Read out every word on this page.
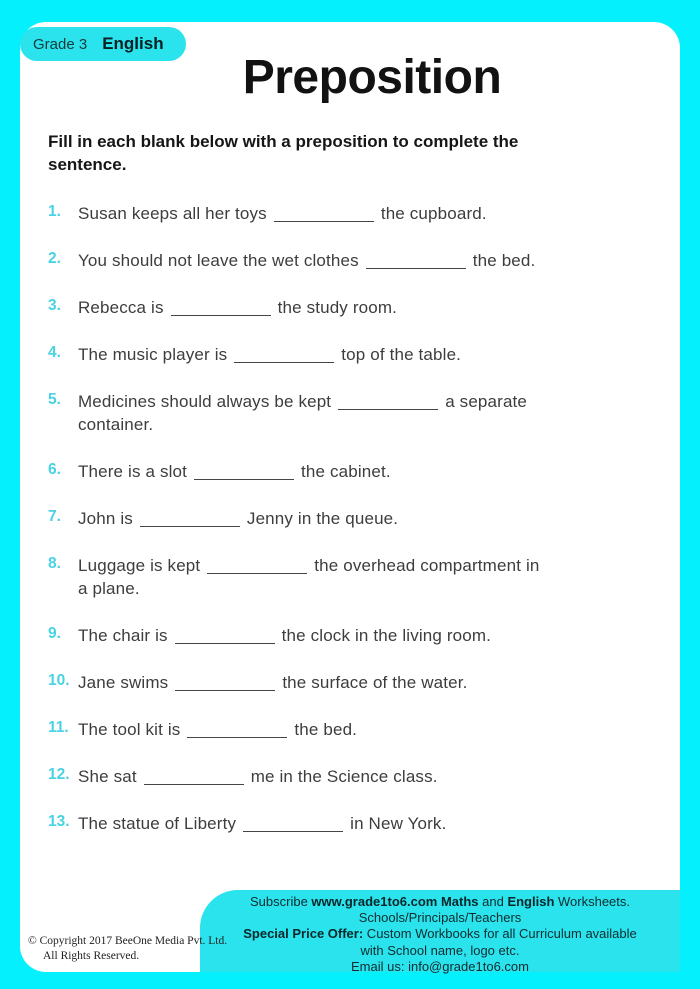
Grade 3 English
Preposition

Fill in each blank below with a preposition to complete the sentence.

1.	Susan keeps all her toys	the cupboard.

2.	You should not leave the wet clothes	the bed.

3.	Rebecca is	the study room.

4.	The music player is	top of the table.

5.	Medicines should always be kept	a separate
container.

6.	There is a slot	the cabinet.

7.	John is	Jenny in the queue.

8.	Luggage is kept	the overhead compartment in
a plane.

9.	The chair is	the clock in the living room.

10. Jane swims	the surface of the water.

11. The tool kit is	the bed.

12. She sat	me in the Science class.

13. The statue of Liberty	in New York.

© Copyright 2017 BeeOne Media Pvt. Ltd.
All Rights Reserved.
Subscribe www.grade1to6.com Maths and English Worksheets.
Schools/Principals/Teachers
Special Price Offer: Custom Workbooks for all Curriculum available
with School name, logo etc.
Email us: info@grade1to6.com
